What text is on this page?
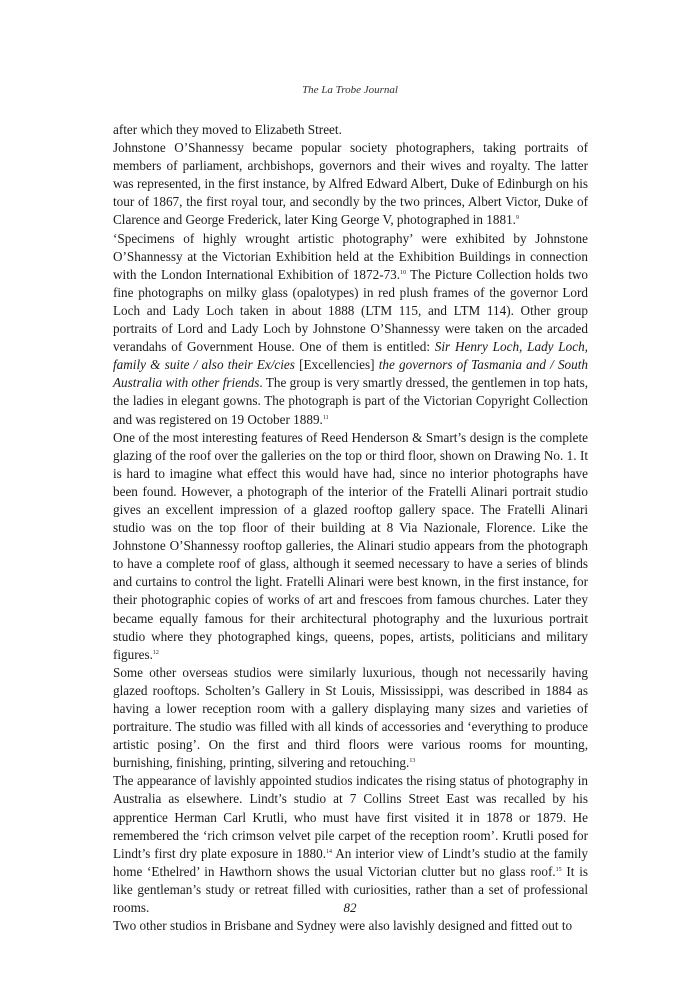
The La Trobe Journal

after which they moved to Elizabeth Street.

Johnstone O’Shannessy became popular society photographers, taking portraits of members of parliament, archbishops, governors and their wives and royalty. The latter was represented, in the first instance, by Alfred Edward Albert, Duke of Edinburgh on his tour of 1867, the first royal tour, and secondly by the two princes, Albert Victor, Duke of Clarence and George Frederick, later King George V, photographed in 1881.$^9$

‘Specimens of highly wrought artistic photography’ were exhibited by Johnstone O’Shannessy at the Victorian Exhibition held at the Exhibition Buildings in connection with the London International Exhibition of 1872-73.10 The Picture Collection holds two fine photographs on milky glass (opalotypes) in red plush frames of the governor Lord Loch and Lady Loch taken in about 1888 (LTM 115, and LTM 114). Other group portraits of Lord and Lady Loch by Johnstone O’Shannessy were taken on the arcaded verandahs of Government House. One of them is entitled: Sir Henry Loch, Lady Loch, family & suite / also their Ex/cies [Excellencies] the governors of Tasmania and / South Australia with other friends. The group is very smartly dressed, the gentlemen in top hats, the ladies in elegant gowns. The photograph is part of the Victorian Copyright Collection and was registered on 19 October 1889.11

One of the most interesting features of Reed Henderson & Smart’s design is the complete glazing of the roof over the galleries on the top or third floor, shown on Drawing No. 1. It is hard to imagine what effect this would have had, since no interior photographs have been found. However, a photograph of the interior of the Fratelli Alinari portrait studio gives an excellent impression of a glazed rooftop gallery space. The Fratelli Alinari studio was on the top floor of their building at 8 Via Nazionale, Florence. Like the Johnstone O’Shannessy rooftop galleries, the Alinari studio appears from the photograph to have a complete roof of glass, although it seemed necessary to have a series of blinds and curtains to control the light. Fratelli Alinari were best known, in the first instance, for their photographic copies of works of art and frescoes from famous churches. Later they became equally famous for their architectural photography and the luxurious portrait studio where they photographed kings, queens, popes, artists, politicians and military figures.$^{12}$

Some other overseas studios were similarly luxurious, though not necessarily having glazed rooftops. Scholten’s Gallery in St Louis, Mississippi, was described in 1884 as having a lower reception room with a gallery displaying many sizes and varieties of portraiture. The studio was filled with all kinds of accessories and ‘everything to produce artistic posing’. On the first and third floors were various rooms for mounting, burnishing, finishing, printing, silvering and retouching.$^{13}$

The appearance of lavishly appointed studios indicates the rising status of photography in Australia as elsewhere. Lindt’s studio at 7 Collins Street East was recalled by his apprentice Herman Carl Krutli, who must have first visited it in 1878 or 1879. He remembered the ‘rich crimson velvet pile carpet of the reception room’. Krutli posed for Lindt’s first dry plate exposure in 1880.14 An interior view of Lindt’s studio at the family home ‘Ethelred’ in Hawthorn shows the usual Victorian clutter but no glass roof.$^{15}$ It is like gentleman’s study or retreat filled with curiosities, rather than a set of professional rooms.

Two other studios in Brisbane and Sydney were also lavishly designed and fitted out to

82
